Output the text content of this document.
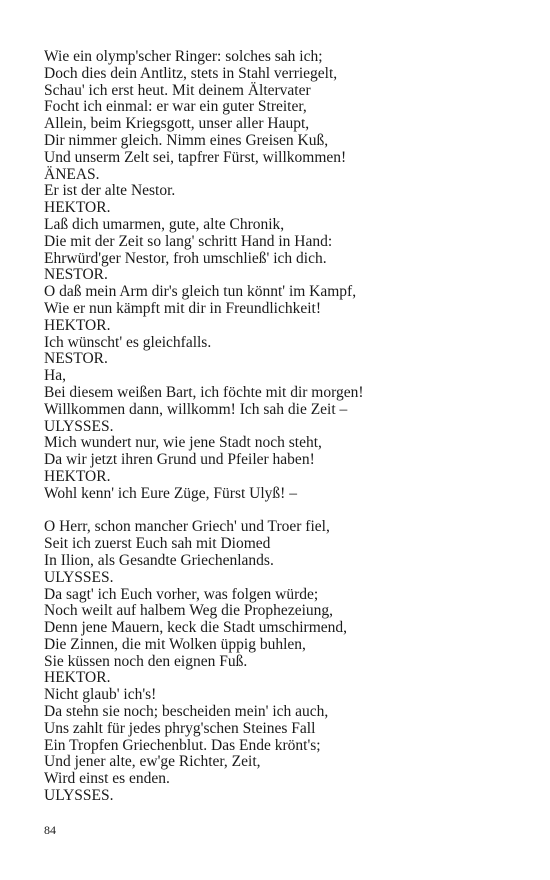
Wie ein olymp'scher Ringer: solches sah ich;
Doch dies dein Antlitz, stets in Stahl verriegelt,
Schau' ich erst heut. Mit deinem Ältervater
Focht ich einmal: er war ein guter Streiter,
Allein, beim Kriegsgott, unser aller Haupt,
Dir nimmer gleich. Nimm eines Greisen Kuß,
Und unserm Zelt sei, tapfrer Fürst, willkommen!
ÄNEAS.
Er ist der alte Nestor.
HEKTOR.
Laß dich umarmen, gute, alte Chronik,
Die mit der Zeit so lang' schritt Hand in Hand:
Ehrwürd'ger Nestor, froh umschließ' ich dich.
NESTOR.
O daß mein Arm dir's gleich tun könnt' im Kampf,
Wie er nun kämpft mit dir in Freundlichkeit!
HEKTOR.
Ich wünscht' es gleichfalls.
NESTOR.
Ha,
Bei diesem weißen Bart, ich föchte mit dir morgen!
Willkommen dann, willkomm! Ich sah die Zeit –
ULYSSES.
Mich wundert nur, wie jene Stadt noch steht,
Da wir jetzt ihren Grund und Pfeiler haben!
HEKTOR.
Wohl kenn' ich Eure Züge, Fürst Ulyß! –
O Herr, schon mancher Griech' und Troer fiel,
Seit ich zuerst Euch sah mit Diomed
In Ilion, als Gesandte Griechenlands.
ULYSSES.
Da sagt' ich Euch vorher, was folgen würde;
Noch weilt auf halbem Weg die Prophezeiung,
Denn jene Mauern, keck die Stadt umschirmend,
Die Zinnen, die mit Wolken üppig buhlen,
Sie küssen noch den eignen Fuß.
HEKTOR.
Nicht glaub' ich's!
Da stehn sie noch; bescheiden mein' ich auch,
Uns zahlt für jedes phryg'schen Steines Fall
Ein Tropfen Griechenblut. Das Ende krönt's;
Und jener alte, ew'ge Richter, Zeit,
Wird einst es enden.
ULYSSES.
84
